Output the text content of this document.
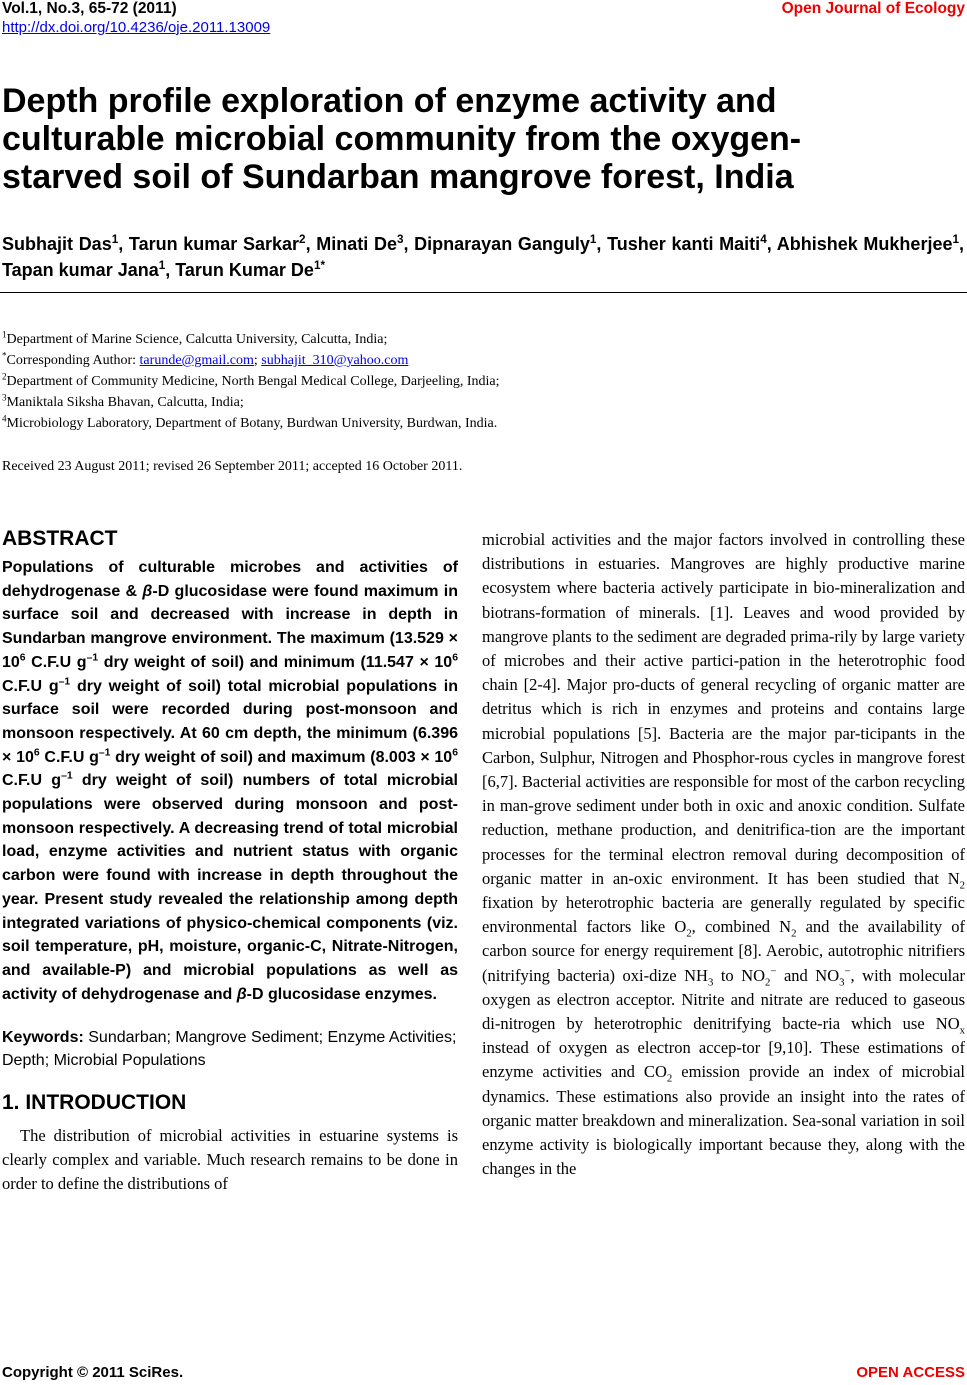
Vol.1, No.3, 65-72 (2011)
http://dx.doi.org/10.4236/oje.2011.13009
Open Journal of Ecology
Depth profile exploration of enzyme activity and culturable microbial community from the oxygen-starved soil of Sundarban mangrove forest, India
Subhajit Das$^1$, Tarun kumar Sarkar$^2$, Minati De$^3$, Dipnarayan Ganguly$^1$, Tusher kanti Maiti$^4$, Abhishek Mukherjee$^1$, Tapan kumar Jana$^1$, Tarun Kumar $De^{1*}$
$^1$Department of Marine Science, Calcutta University, Calcutta, India;
*Corresponding Author: tarunde@gmail.com; subhajit_310@yahoo.com
$^2$Department of Community Medicine, North Bengal Medical College, Darjeeling, India;
$^3$Maniktala Siksha Bhavan, Calcutta, India;
$^4$Microbiology Laboratory, Department of Botany, Burdwan University, Burdwan, India.
Received 23 August 2011; revised 26 September 2011; accepted 16 October 2011.
ABSTRACT

Populations of culturable microbes and activities of dehydrogenase & β-D glucosidase were found maximum in surface soil and decreased with increase in depth in Sundarban mangrove environment. The maximum ($13.529 \times 10^6$ C.F.U $g^{-1}$ dry weight of soil) and minimum ($11.547 \times 10^6$ C.F.U $g^{-1}$ dry weight of soil) total microbial populations in surface soil were recorded during post-monsoon and monsoon respectively. At 60 cm depth, the minimum ($6.396 \times 10^6$ C.F.U $g^{-1}$ dry weight of soil) and maximum ($8.003 \times 10^6$ C.F.U $g^{-1}$ dry weight of soil) numbers of total microbial populations were observed during monsoon and post-monsoon respectively. A decreasing trend of total microbial load, enzyme activities and nutrient status with organic carbon were found with increase in depth throughout the year. Present study revealed the relationship among depth integrated variations of physico-chemical components (viz. soil temperature, pH, moisture, organic-C, Nitrate-Nitrogen, and available-P) and microbial populations as well as activity of dehydrogenase and β-D glucosidase enzymes.

Keywords: Sundarban; Mangrove Sediment; Enzyme Activities; Depth; Microbial Populations

1. INTRODUCTION

The distribution of microbial activities in estuarine systems is clearly complex and variable. Much research remains to be done in order to define the distributions of

microbial activities and the major factors involved in controlling these distributions in estuaries. Mangroves are highly productive marine ecosystem where bacteria actively participate in bio-mineralization and biotrans-formation of minerals. [1]. Leaves and wood provided by mangrove plants to the sediment are degraded prima-rily by large variety of microbes and their active partici-pation in the heterotrophic food chain [2-4]. Major pro-ducts of general recycling of organic matter are detritus which is rich in enzymes and proteins and contains large microbial populations [5]. Bacteria are the major par-ticipants in the Carbon, Sulphur, Nitrogen and Phosphor-rous cycles in mangrove forest [6,7]. Bacterial activities are responsible for most of the carbon recycling in man-grove sediment under both in oxic and anoxic condition. Sulfate reduction, methane production, and denitrifica-tion are the important processes for the terminal electron removal during decomposition of organic matter in an-oxic environment. It has been studied that $N_2$ fixation by heterotrophic bacteria are generally regulated by specific environmental factors like $O_2$, combined $N_2$ and the availability of carbon source for energy requirement [8]. Aerobic, autotrophic nitrifiers (nitrifying bacteria) oxi-dize $NH_3$ to $NO_2^-$ and $NO_3^-$, with molecular oxygen as electron acceptor. Nitrite and nitrate are reduced to gaseous di-nitrogen by heterotrophic denitrifying bacte-ria which use $NO_x$ instead of oxygen as electron accep-tor [9,10]. These estimations of enzyme activities and $CO_2$ emission provide an index of microbial dynamics. These estimations also provide an insight into the rates of organic matter breakdown and mineralization. Sea-sonal variation in soil enzyme activity is biologically important because they, along with the changes in the

Copyright © 2011 SciRes.	OPEN ACCESS
